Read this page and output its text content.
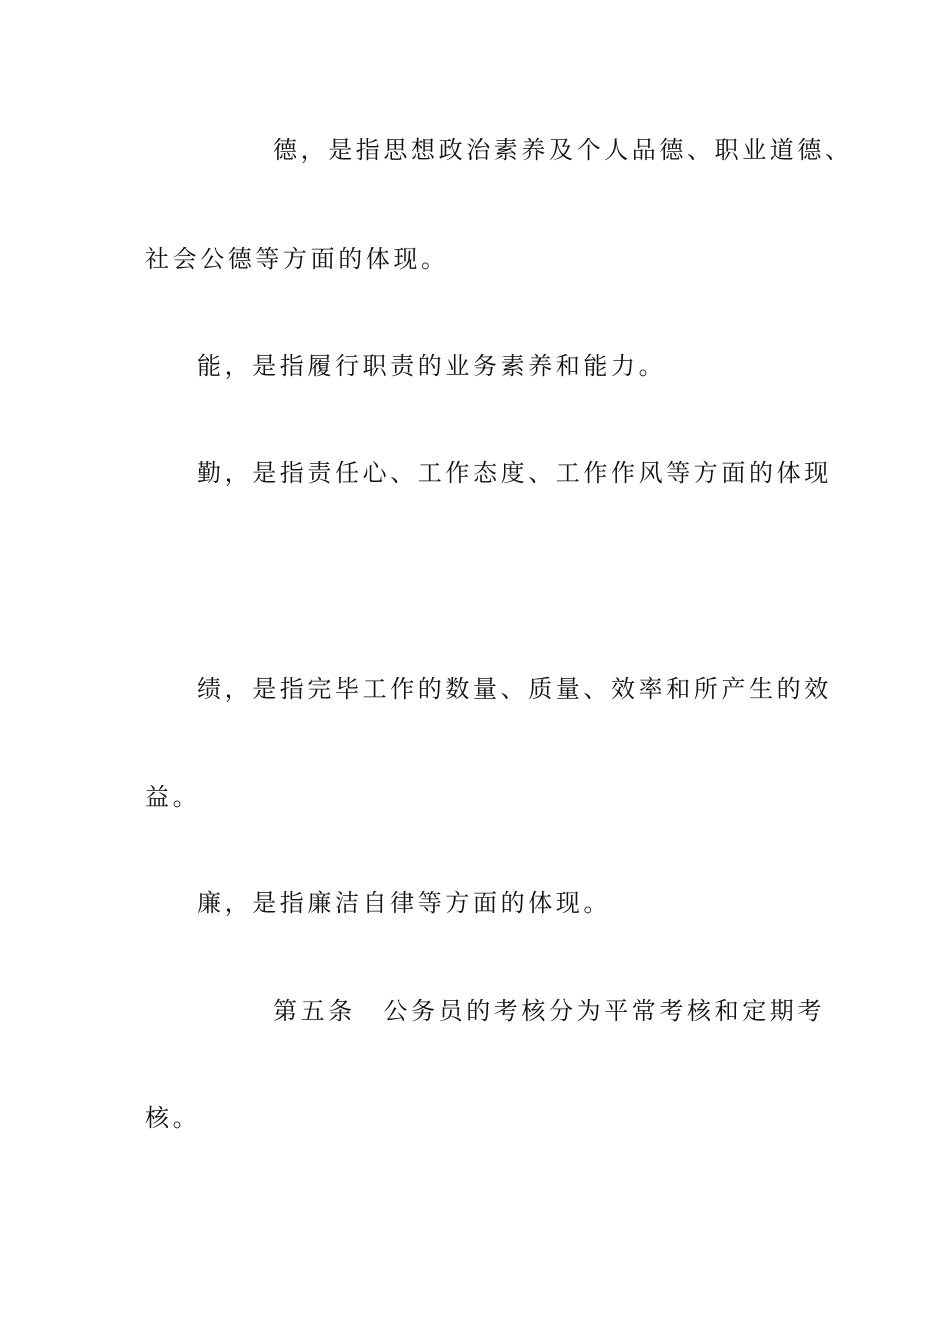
德，是指思想政治素养及个人品德、职业道德、
社会公德等方面的体现。
能，是指履行职责的业务素养和能力。
勤，是指责任心、工作态度、工作作风等方面的体现
绩，是指完毕工作的数量、质量、效率和所产生的效
益。
廉，是指廉洁自律等方面的体现。
第五条　公务员的考核分为平常考核和定期考
核。
